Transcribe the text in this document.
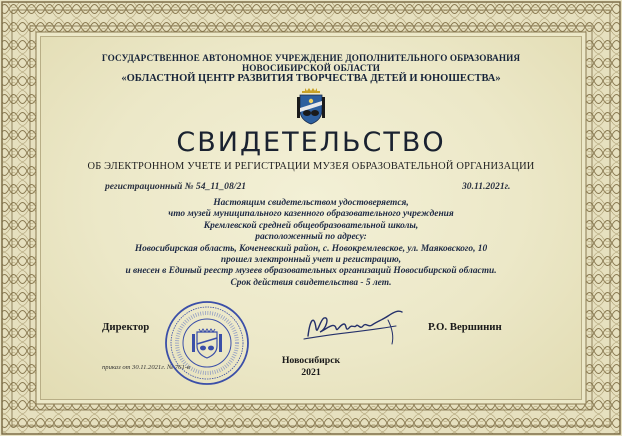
ГОСУДАРСТВЕННОЕ АВТОНОМНОЕ УЧРЕЖДЕНИЕ ДОПОЛНИТЕЛЬНОГО ОБРАЗОВАНИЯ
НОВОСИБИРСКОЙ ОБЛАСТИ
«ОБЛАСТНОЙ ЦЕНТР РАЗВИТИЯ ТВОРЧЕСТВА ДЕТЕЙ И ЮНОШЕСТВА»
СВИДЕТЕЛЬСТВО
ОБ ЭЛЕКТРОННОМ УЧЕТЕ И РЕГИСТРАЦИИ МУЗЕЯ ОБРАЗОВАТЕЛЬНОЙ ОРГАНИЗАЦИИ
регистрационный № 54_11_08/21	30.11.2021г.
Настоящим свидетельством удостоверяется,
что музей муниципального казенного образовательного учреждения
Кремлевской средней общеобразовательной школы,
расположенный по адресу:
Новосибирская область, Коченевский район, с. Новокремлевское, ул. Маяковского, 10
прошел электронный учет и регистрацию,
и внесен в Единый реестр музеев образовательных организаций Новосибирской области.
Срок действия свидетельства - 5 лет.
Директор	Р.О. Вершинин
Новосибирск
2021
приказ от 30.11.2021г. № 761-в
